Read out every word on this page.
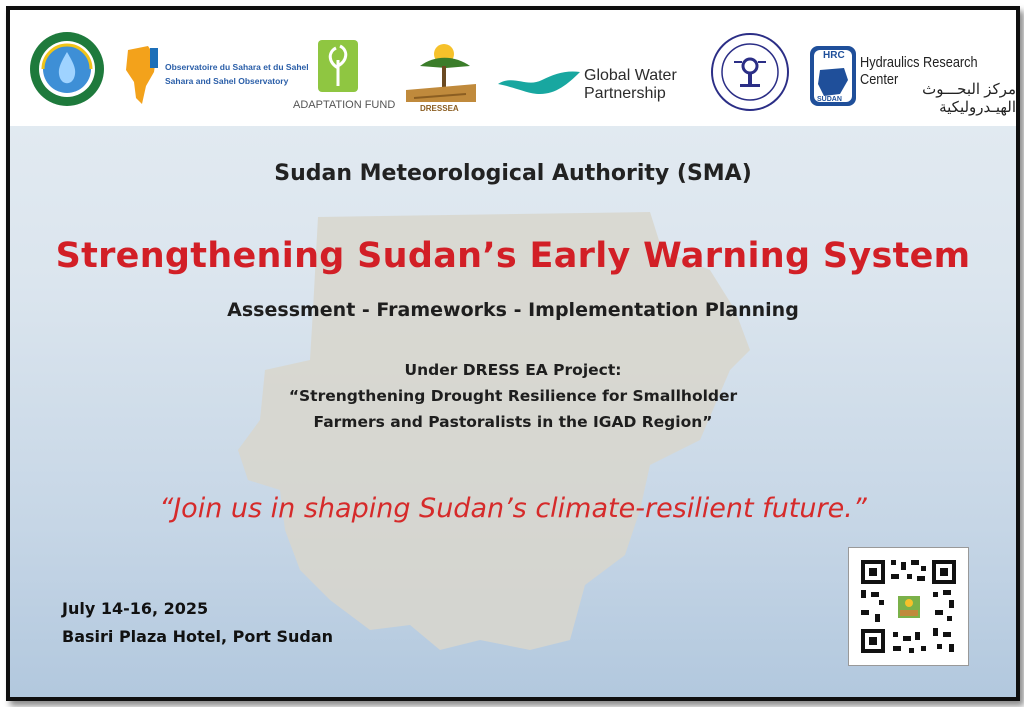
Observatoire du Sahara et du Sahel
Sahara and Sahel Observatory
ADAPTATION FUND	DRESSEA
Global Water
Partnership
HRC
SUDAN
Hydraulics Research Center
مركز البحـــوث الهيـدروليكية
Sudan Meteorological Authority (SMA)
Strengthening Sudan’s Early Warning System
Assessment - Frameworks - Implementation Planning
Under DRESS EA Project:
“Strengthening Drought Resilience for Smallholder
Farmers and Pastoralists in the IGAD Region”
“Join us in shaping Sudan’s climate-resilient future.”
July 14-16, 2025
Basiri Plaza Hotel, Port Sudan
